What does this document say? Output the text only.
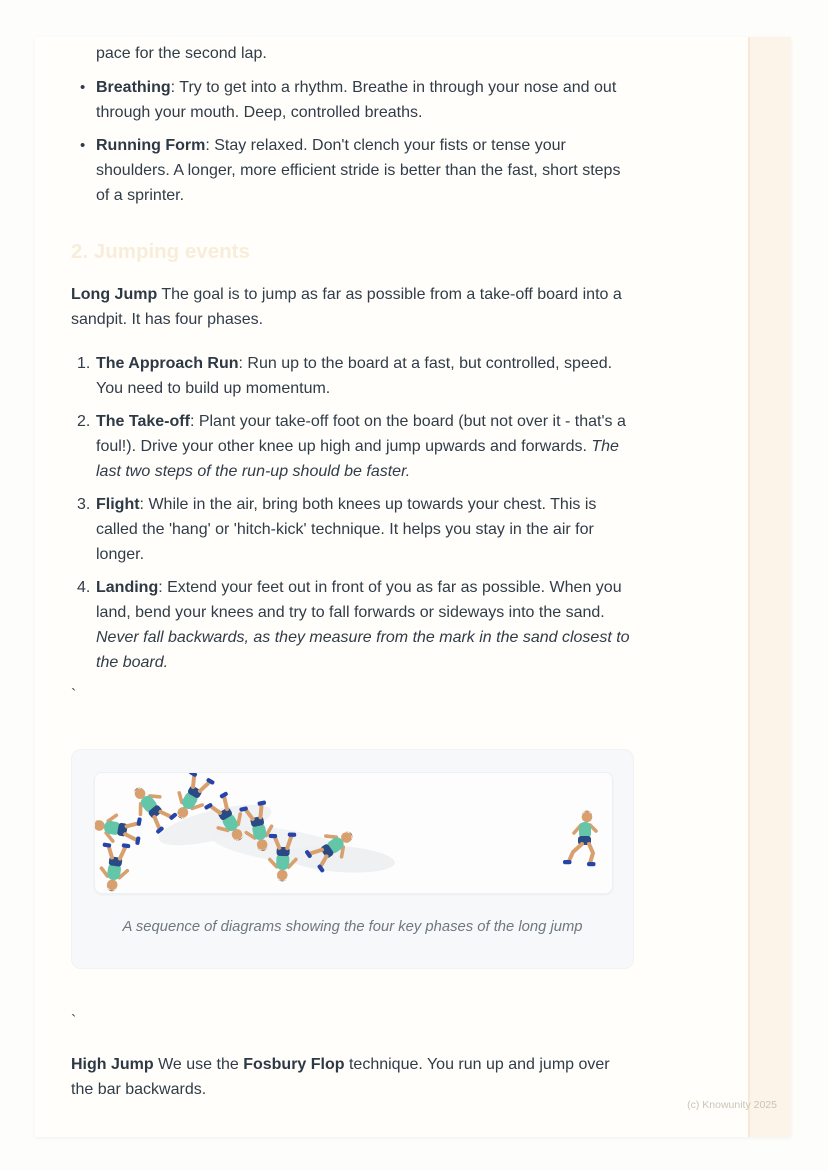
pace for the second lap.

• Breathing: Try to get into a rhythm. Breathe in through your nose and out through your mouth. Deep, controlled breaths.
• Running Form: Stay relaxed. Don't clench your fists or tense your shoulders. A longer, more efficient stride is better than the fast, short steps of a sprinter.
2. Jumping events

Long Jump The goal is to jump as far as possible from a take-off board into a sandpit. It has four phases.

1. The Approach Run: Run up to the board at a fast, but controlled, speed. You need to build up momentum.
2. The Take-off: Plant your take-off foot on the board (but not over it - that's a foul!). Drive your other knee up high and jump upwards and forwards. The last two steps of the run-up should be faster.
3. Flight: While in the air, bring both knees up towards your chest. This is called the 'hang' or 'hitch-kick' technique. It helps you stay in the air for longer.
4. Landing: Extend your feet out in front of you as far as possible. When you land, bend your knees and try to fall forwards or sideways into the sand. Never fall backwards, as they measure from the mark in the sand closest to the board.

`

A sequence of diagrams showing the four key phases of the long jump

`

High Jump We use the Fosbury Flop technique. You run up and jump over the bar backwards.

(c) Knowunity 2025
